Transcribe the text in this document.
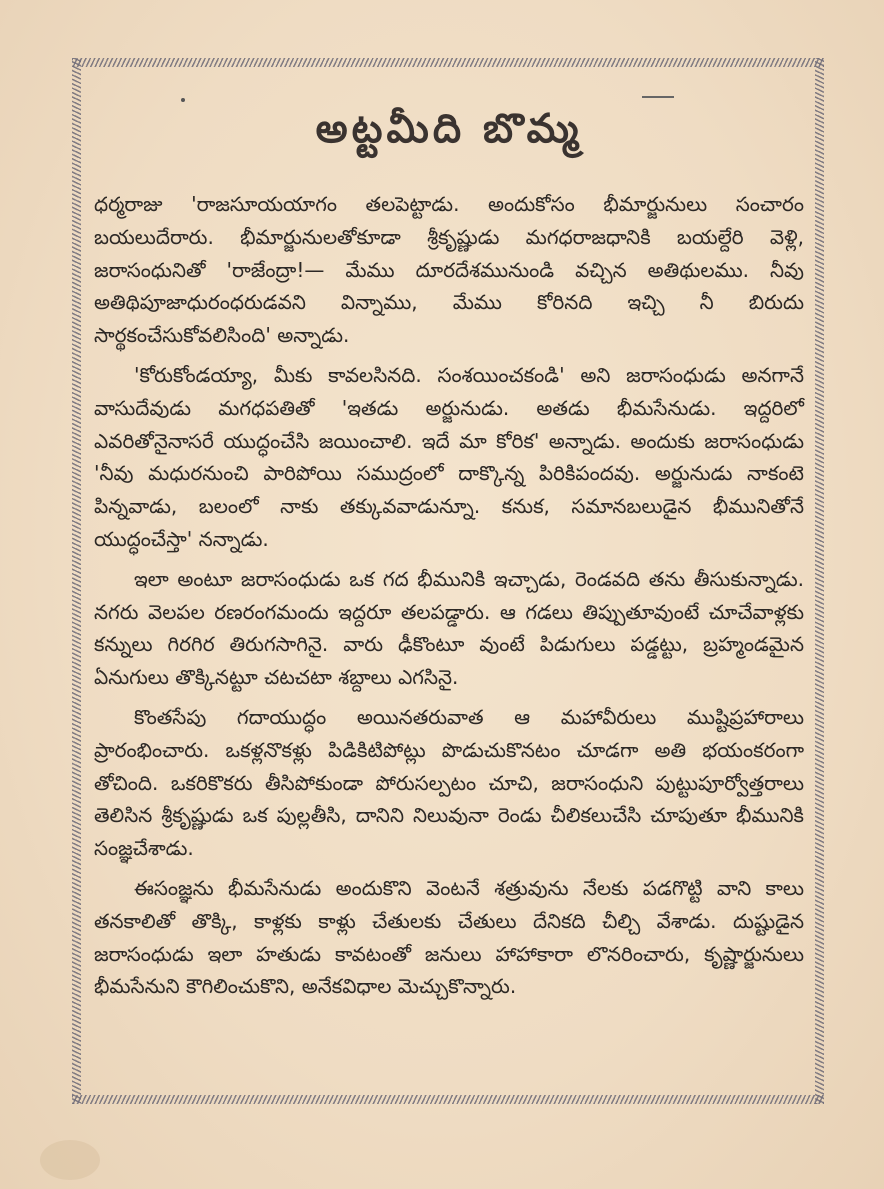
అట్టమీది బొమ్మ

ధర్మరాజు 'రాజసూయయాగం తలపెట్టాడు. అందుకోసం భీమార్జునులు సంచారం బయలుదేరారు. భీమార్జునులతోకూడా శ్రీకృష్ణుడు మగధరాజధానికి బయల్దేరి వెళ్లి, జరాసంధునితో 'రాజేంద్రా!— మేము దూరదేశమునుండి వచ్చిన అతిథులము. నీవు అతిథిపూజాధురంధరుడవని విన్నాము, మేము కోరినది ఇచ్చి నీ బిరుదు సార్థకంచేసుకోవలిసింది' అన్నాడు.

'కోరుకోండయ్యా, మీకు కావలసినది. సంశయించకండి' అని జరాసంధుడు అనగానే వాసుదేవుడు మగధపతితో 'ఇతడు అర్జునుడు. అతడు భీమసేనుడు. ఇద్దరిలో ఎవరితోనైనాసరే యుద్ధంచేసి జయించాలి. ఇదే మా కోరిక' అన్నాడు. అందుకు జరాసంధుడు 'నీవు మధురనుంచి పారిపోయి సముద్రంలో దాక్కొన్న పిరికిపందవు. అర్జునుడు నాకంటె పిన్నవాడు, బలంలో నాకు తక్కువవాడున్నూ. కనుక, సమానబలుడైన భీమునితోనే యుద్ధంచేస్తా' నన్నాడు.

ఇలా అంటూ జరాసంధుడు ఒక గద భీమునికి ఇచ్చాడు, రెండవది తను తీసుకున్నాడు. నగరు వెలపల రణరంగమందు ఇద్దరూ తలపడ్డారు. ఆ గడలు తిప్పుతూవుంటే చూచేవాళ్లకు కన్నులు గిరగిర తిరుగసాగినై. వారు ఢీకొంటూ వుంటే పిడుగులు పడ్డట్టు, బ్రహ్మండమైన ఏనుగులు తొక్కినట్టూ చటచటా శబ్దాలు ఎగసినై.

కొంతసేపు గదాయుద్ధం అయినతరువాత ఆ మహావీరులు ముష్టిప్రహారాలు ప్రారంభించారు. ఒకళ్లనొకళ్లు పిడికిటిపోట్లు పొడుచుకొనటం చూడగా అతి భయంకరంగా తోచింది. ఒకరికొకరు తీసిపోకుండా పోరుసల్పటం చూచి, జరాసంధుని పుట్టుపూర్వోత్తరాలు తెలిసిన శ్రీకృష్ణుడు ఒక పుల్లతీసి, దానిని నిలువునా రెండు చీలికలుచేసి చూపుతూ భీమునికి సంజ్ఞచేశాడు.

ఈసంజ్ఞను భీమసేనుడు అందుకొని వెంటనే శత్రువును నేలకు పడగొట్టి వాని కాలు తనకాలితో తొక్కి, కాళ్లకు కాళ్లు చేతులకు చేతులు దేనికది చీల్చి వేశాడు. దుష్టుడైన జరాసంధుడు ఇలా హతుడు కావటంతో జనులు హాహాకారా లొనరించారు, కృష్ణార్జునులు భీమసేనుని కౌగిలించుకొని, అనేకవిధాల మెచ్చుకొన్నారు.
